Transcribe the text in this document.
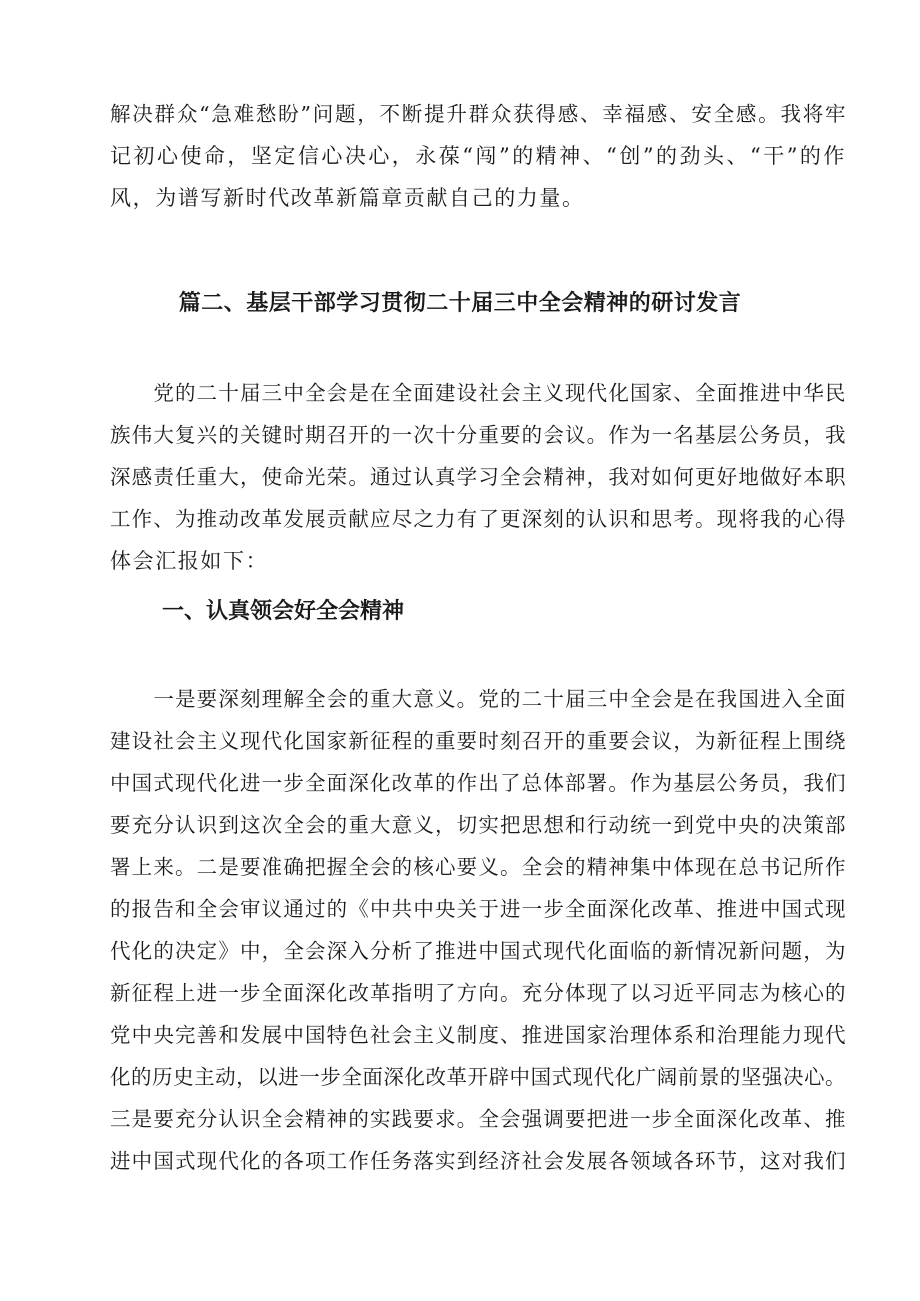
解决群众“急难愁盼”问题，不断提升群众获得感、幸福感、安全感。我将牢
记初心使命，坚定信心决心，永葆“闯”的精神、“创”的劲头、“干”的作
风，为谱写新时代改革新篇章贡献自己的力量。
篇二、基层干部学习贯彻二十届三中全会精神的研讨发言
　　党的二十届三中全会是在全面建设社会主义现代化国家、全面推进中华民
族伟大复兴的关键时期召开的一次十分重要的会议。作为一名基层公务员，我
深感责任重大，使命光荣。通过认真学习全会精神，我对如何更好地做好本职
工作、为推动改革发展贡献应尽之力有了更深刻的认识和思考。现将我的心得
体会汇报如下：
一、认真领会好全会精神
　　一是要深刻理解全会的重大意义。党的二十届三中全会是在我国进入全面
建设社会主义现代化国家新征程的重要时刻召开的重要会议，为新征程上围绕
中国式现代化进一步全面深化改革的作出了总体部署。作为基层公务员，我们
要充分认识到这次全会的重大意义，切实把思想和行动统一到党中央的决策部
署上来。二是要准确把握全会的核心要义。全会的精神集中体现在总书记所作
的报告和全会审议通过的《中共中央关于进一步全面深化改革、推进中国式现
代化的决定》中，全会深入分析了推进中国式现代化面临的新情况新问题，为
新征程上进一步全面深化改革指明了方向。充分体现了以习近平同志为核心的
党中央完善和发展中国特色社会主义制度、推进国家治理体系和治理能力现代
化的历史主动，以进一步全面深化改革开辟中国式现代化广阔前景的坚强决心。
三是要充分认识全会精神的实践要求。全会强调要把进一步全面深化改革、推
进中国式现代化的各项工作任务落实到经济社会发展各领域各环节，这对我们
